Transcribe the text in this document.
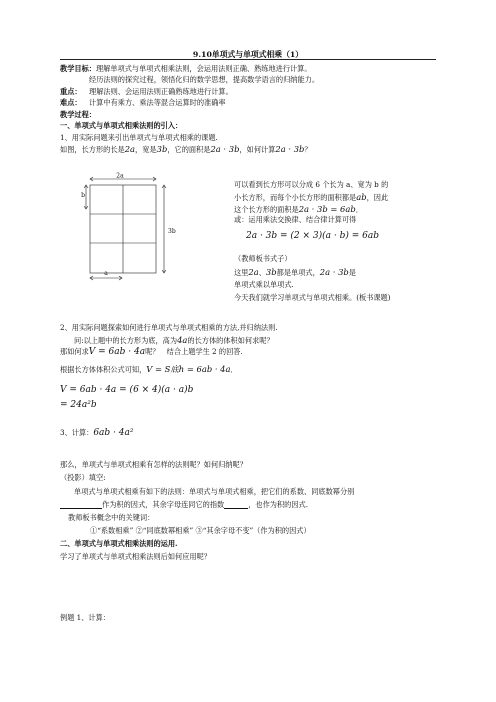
9.10单项式与单项式相乘（1）
教学目标：理解单项式与单项式相乘法则，会运用法则正确、熟练地进行计算。
经历法则的探究过程，领悟化归的数学思想，提高数学语言的归纳能力。
重点： 理解法则、会运用法则正确熟练地进行计算。
难点： 计算中有乘方、乘法等混合运算时的准确率
教学过程：
一、单项式与单项式相乘法则的引入：
1、用实际问题来引出单项式与单项式相乘的课题.
如图，长方形的长是2a，宽是3b，它的面积是2a · 3b，如何计算2a · 3b？
2a
b
3b
a
可以看到长方形可以分成 6 个长为 a、宽为 b 的
小长方形，而每个小长方形的面积都是ab，因此
这个长方形的面积是2a · 3b = 6ab．
或：运用乘法交换律、结合律计算可得
2a · 3b = (2 × 3)(a · b) = 6ab
（教师板书式子）
这里2a、3b都是单项式，2a · 3b是
单项式乘以单项式.
今天我们就学习单项式与单项式相乘。(板书课题)
2、用实际问题探索如何进行单项式与单项式相乘的方法,并归纳法则.
问:以上题中的长方形为底，高为4a的长方体的体积如何求呢？
那如何求V = 6ab · 4a呢？　结合上题学生 2 的回答.
根据长方体体积公式可知，V = S底h = 6ab · 4a．
V = 6ab · 4a = (6 × 4)(a · a)b
= 24a²b
3、计算：6ab · 4a²
那么，单项式与单项式相乘有怎样的法则呢？如何归纳呢？
（投影）填空:
单项式与单项式相乘有如下的法则：单项式与单项式相乘，把它们的系数、同底数幂分别
作为积的因式，其余字母连同它的指数	，也作为积的因式.
教师板书概念中的关键词：
①“系数相乘” ②“同底数幂相乘” ③“其余字母不变”（作为积的因式）
二、单项式与单项式相乘法则的运用.
学习了单项式与单项式相乘法则后如何应用呢？
例题 1、计算：
